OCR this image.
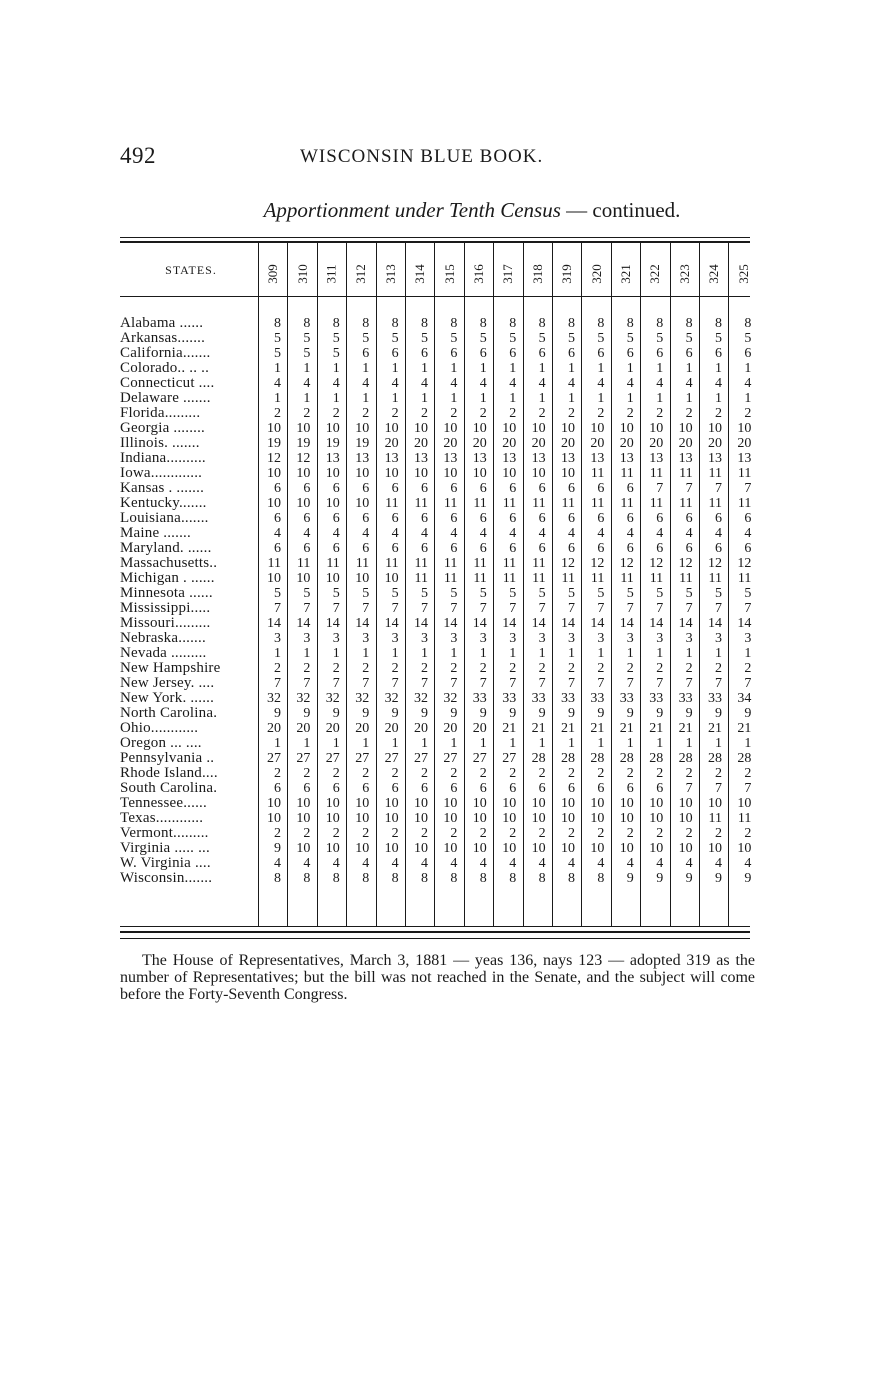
492	WISCONSIN BLUE BOOK.
Apportionment under Tenth Census — continued.
STATES.	309 310 311 312 313 314 315 316 317 318 319 320 321 322 323 324 325
Alabama ......	8	8	8	8	8	8	8	8	8	8	8	8	8	8	8	8	8
Arkansas.......	5	5	5	5	5	5	5	5	5	5	5	5	5	5	5	5	5
California.......	5	5	5	6	6	6	6	6	6	6	6	6	6	6	6	6	6
Colorado.. .. ..	1	1	1	1	1	1	1	1	1	1	1	1	1	1	1	1	1
Connecticut ....	4	4	4	4	4	4	4	4	4	4	4	4	4	4	4	4	4
Delaware .......	1	1	1	1	1	1	1	1	1	1	1	1	1	1	1	1	1
Florida.........	2	2	2	2	2	2	2	2	2	2	2	2	2	2	2	2	2
Georgia ........	10	10	10	10	10	10	10	10	10	10	10	10	10	10	10	10	10
Illinois. .......	19	19	19	19	20	20	20	20	20	20	20	20	20	20	20	20	20
Indiana..........	12	12	13	13	13	13	13	13	13	13	13	13	13	13	13	13	13
Iowa.............	10	10	10	10	10	10	10	10	10	10	10	11	11	11	11	11	11
Kansas . .......	6	6	6	6	6	6	6	6	6	6	6	6	6	7	7	7	7
Kentucky.......	10	10	10	10	11	11	11	11	11	11	11	11	11	11	11	11	11
Louisiana.......	6	6	6	6	6	6	6	6	6	6	6	6	6	6	6	6	6
Maine .......	4	4	4	4	4	4	4	4	4	4	4	4	4	4	4	4	4
Maryland. ......	6	6	6	6	6	6	6	6	6	6	6	6	6	6	6	6	6
Massachusetts..	11	11	11	11	11	11	11	11	11	11	12	12	12	12	12	12	12
Michigan . ......	10	10	10	10	10	11	11	11	11	11	11	11	11	11	11	11	11
Minnesota ......	5	5	5	5	5	5	5	5	5	5	5	5	5	5	5	5	5
Mississippi.....	7	7	7	7	7	7	7	7	7	7	7	7	7	7	7	7	7
Missouri.........	14	14	14	14	14	14	14	14	14	14	14	14	14	14	14	14	14
Nebraska.......	3	3	3	3	3	3	3	3	3	3	3	3	3	3	3	3	3
Nevada .........	1	1	1	1	1	1	1	1	1	1	1	1	1	1	1	1	1
New Hampshire	2	2	2	2	2	2	2	2	2	2	2	2	2	2	2	2	2
New Jersey. ....	7	7	7	7	7	7	7	7	7	7	7	7	7	7	7	7	7
New York. ......	32	32	32	32	32	32	32	33	33	33	33	33	33	33	33	33	34
North Carolina.	9	9	9	9	9	9	9	9	9	9	9	9	9	9	9	9	9
Ohio............	20	20	20	20	20	20	20	20	21	21	21	21	21	21	21	21	21
Oregon ... ....	1	1	1	1	1	1	1	1	1	1	1	1	1	1	1	1	1
Pennsylvania ..	27	27	27	27	27	27	27	27	27	28	28	28	28	28	28	28	28
Rhode Island....	2	2	2	2	2	2	2	2	2	2	2	2	2	2	2	2	2
South Carolina.	6	6	6	6	6	6	6	6	6	6	6	6	6	6	7	7	7
Tennessee......	10	10	10	10	10	10	10	10	10	10	10	10	10	10	10	10	10
Texas............	10	10	10	10	10	10	10	10	10	10	10	10	10	10	10	11	11
Vermont.........	2	2	2	2	2	2	2	2	2	2	2	2	2	2	2	2	2
Virginia ..... ...	9	10	10	10	10	10	10	10	10	10	10	10	10	10	10	10	10
W. Virginia ....	4	4	4	4	4	4	4	4	4	4	4	4	4	4	4	4	4
Wisconsin.......	8	8	8	8	8	8	8	8	8	8	8	8	9	9	9	9	9
The House of Representatives, March 3, 1881 — yeas 136, nays 123 — adopted 319 as the number of Representatives; but the bill was not reached in the Senate, and the subject will come before the Forty-Seventh Congress.
